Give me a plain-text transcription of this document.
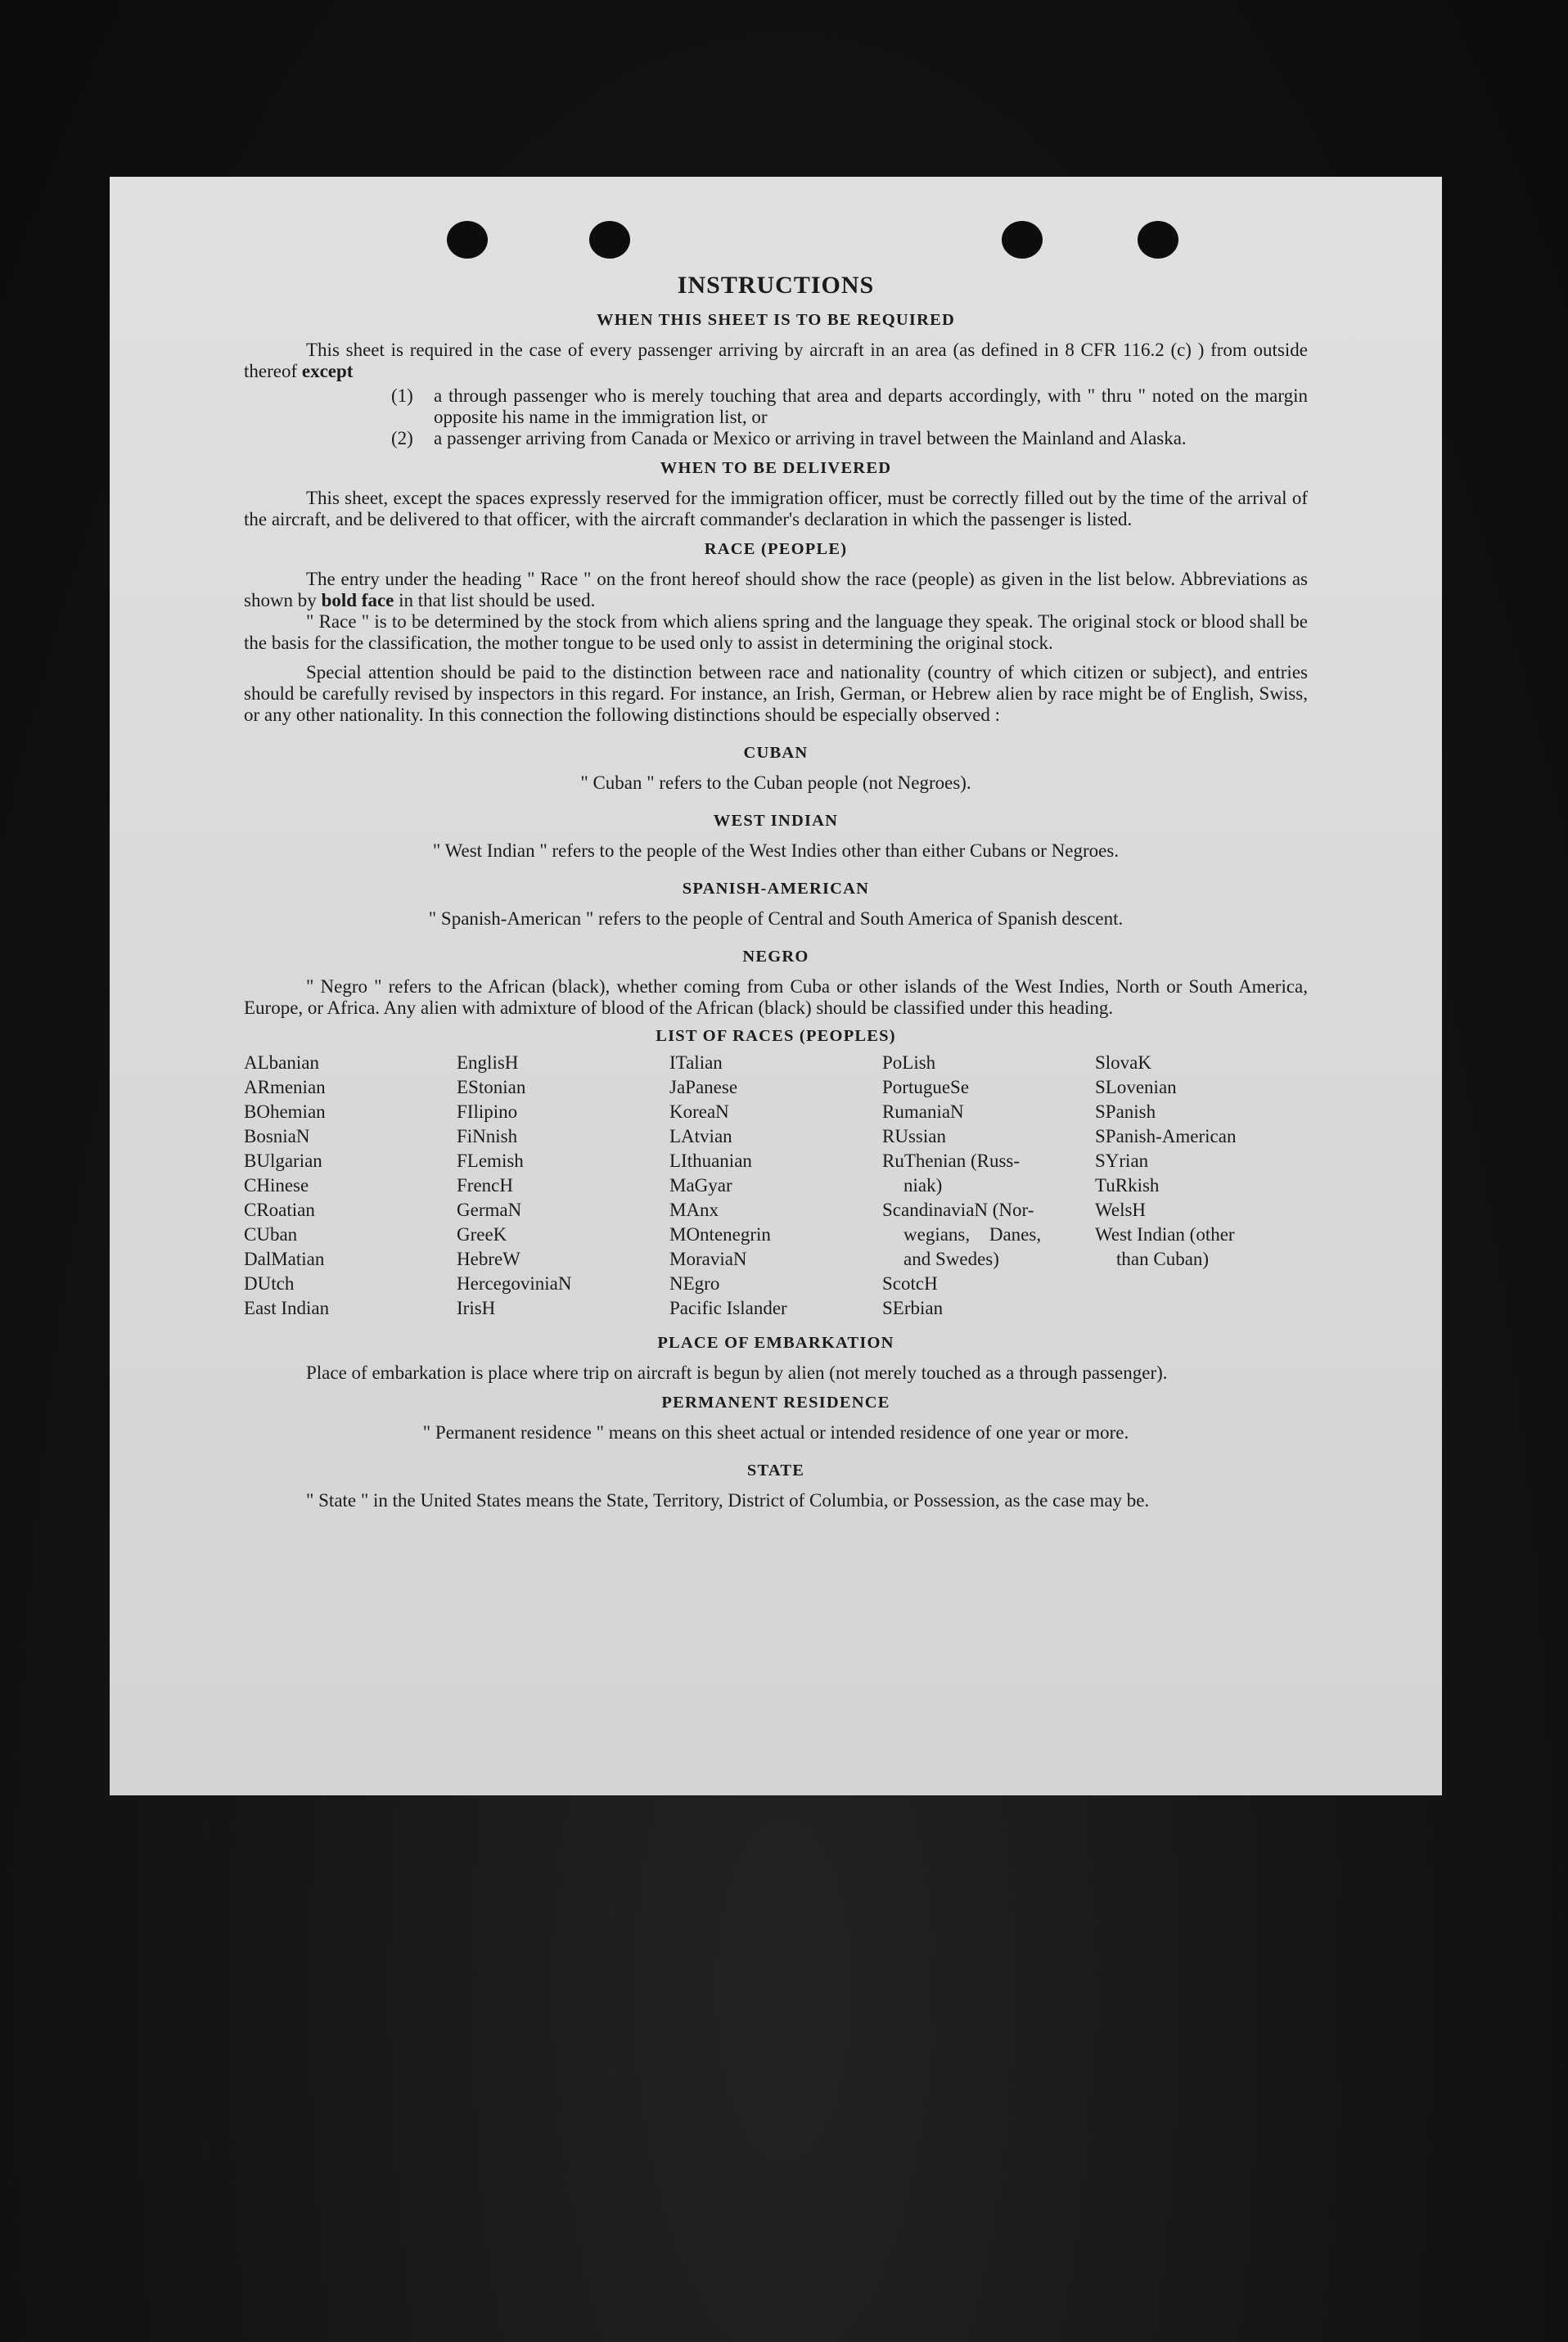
INSTRUCTIONS
WHEN THIS SHEET IS TO BE REQUIRED

This sheet is required in the case of every passenger arriving by aircraft in an area (as defined in 8 CFR 116.2 (c) ) from outside thereof except

(1) a through passenger who is merely touching that area and departs accordingly, with " thru " noted on the margin opposite his name in the immigration list, or
(2) a passenger arriving from Canada or Mexico or arriving in travel between the Mainland and Alaska.
WHEN TO BE DELIVERED

This sheet, except the spaces expressly reserved for the immigration officer, must be correctly filled out by the time of the arrival of the aircraft, and be delivered to that officer, with the aircraft commander's declaration in which the passenger is listed.

RACE (PEOPLE)

The entry under the heading " Race " on the front hereof should show the race (people) as given in the list below. Abbreviations as shown by bold face in that list should be used.

" Race " is to be determined by the stock from which aliens spring and the language they speak. The original stock or blood shall be the basis for the classification, the mother tongue to be used only to assist in determining the original stock.

Special attention should be paid to the distinction between race and nationality (country of which citizen or subject), and entries should be carefully revised by inspectors in this regard. For instance, an Irish, German, or Hebrew alien by race might be of English, Swiss, or any other nationality. In this connection the following distinctions should be especially observed :

CUBAN

" Cuban " refers to the Cuban people (not Negroes).

WEST INDIAN

" West Indian " refers to the people of the West Indies other than either Cubans or Negroes.

SPANISH-AMERICAN

" Spanish-American " refers to the people of Central and South America of Spanish descent.

NEGRO

" Negro " refers to the African (black), whether coming from Cuba or other islands of the West Indies, North or South America, Europe, or Africa. Any alien with admixture of blood of the African (black) should be classified under this heading.

LIST OF RACES (PEOPLES)
ALbanian
ARmenian
BOhemian
BosniaN
BUlgarian
CHinese
CRoatian
CUban
DalMatian
DUtch
East Indian
EnglisH
EStonian
FIlipino
FiNnish
FLemish
FrencH
GermaN
GreeK
HebreW
HercegoviniaN
IrisH
ITalian
JaPanese
KoreaN
LAtvian
LIthuanian
MaGyar
MAnx
MOntenegrin
MoraviaN
NEgro
Pacific Islander
PoLish
PortugueSe
RumaniaN
RUssian
RuThenian (Russ-
niak)
ScandinaviaN (Nor-
wegians, Danes,
and Swedes)
ScotcH
SErbian
SlovaK
SLovenian
SPanish
SPanish-American
SYrian
TuRkish
WelsH
West Indian (other
than Cuban)
PLACE OF EMBARKATION

Place of embarkation is place where trip on aircraft is begun by alien (not merely touched as a through passenger).

PERMANENT RESIDENCE

" Permanent residence " means on this sheet actual or intended residence of one year or more.

STATE

" State " in the United States means the State, Territory, District of Columbia, or Possession, as the case may be.
